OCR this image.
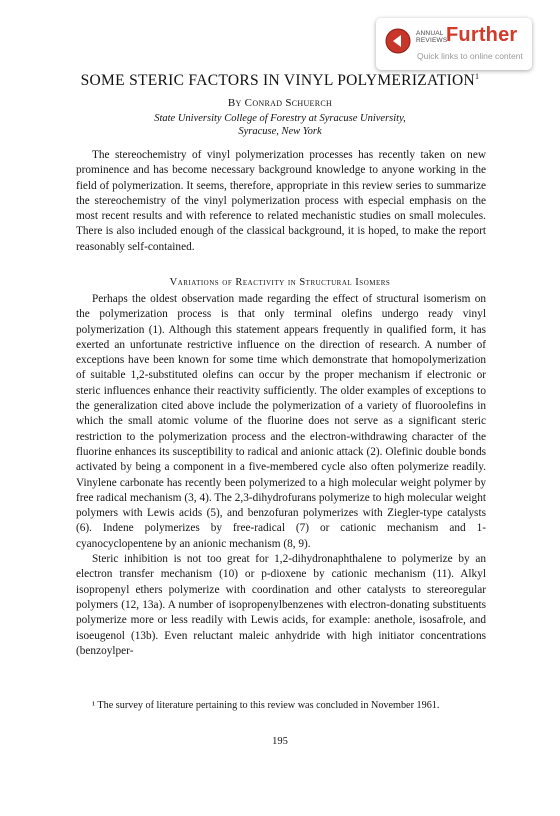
ANNUAL
REVIEWS
Further
Quick links to online content
SOME STERIC FACTORS IN VINYL POLYMERIZATION$^1$
By Conrad Schuerch
State University College of Forestry at Syracuse University,
Syracuse, New York

The stereochemistry of vinyl polymerization processes has recently taken on new prominence and has become necessary background knowledge to anyone working in the field of polymerization. It seems, therefore, appropriate in this review series to summarize the stereochemistry of the vinyl polymerization process with especial emphasis on the most recent results and with reference to related mechanistic studies on small molecules. There is also included enough of the classical background, it is hoped, to make the report reasonably self-contained.

Variations of Reactivity in Structural Isomers

Perhaps the oldest observation made regarding the effect of structural isomerism on the polymerization process is that only terminal olefins undergo ready vinyl polymerization (1). Although this statement appears frequently in qualified form, it has exerted an unfortunate restrictive influence on the direction of research. A number of exceptions have been known for some time which demonstrate that homopolymerization of suitable 1,2-substituted olefins can occur by the proper mechanism if electronic or steric influences enhance their reactivity sufficiently. The older examples of exceptions to the generalization cited above include the polymerization of a variety of fluoroolefins in which the small atomic volume of the fluorine does not serve as a significant steric restriction to the polymerization process and the electron-withdrawing character of the fluorine enhances its susceptibility to radical and anionic attack (2). Olefinic double bonds activated by being a component in a five-membered cycle also often polymerize readily. Vinylene carbonate has recently been polymerized to a high molecular weight polymer by free radical mechanism (3, 4). The 2,3-dihydrofurans polymerize to high molecular weight polymers with Lewis acids (5), and benzofuran polymerizes with Ziegler-type catalysts (6). Indene polymerizes by free-radical (7) or cationic mechanism and 1-cyanocyclopentene by an anionic mechanism (8, 9).

Steric inhibition is not too great for 1,2-dihydronaphthalene to polymerize by an electron transfer mechanism (10) or p-dioxene by cationic mechanism (11). Alkyl isopropenyl ethers polymerize with coordination and other catalysts to stereoregular polymers (12, 13a). A number of isopropenylbenzenes with electron-donating substituents polymerize more or less readily with Lewis acids, for example: anethole, isosafrole, and isoeugenol (13b). Even reluctant maleic anhydride with high initiator concentrations (benzoylper-

¹ The survey of literature pertaining to this review was concluded in November 1961.

195
